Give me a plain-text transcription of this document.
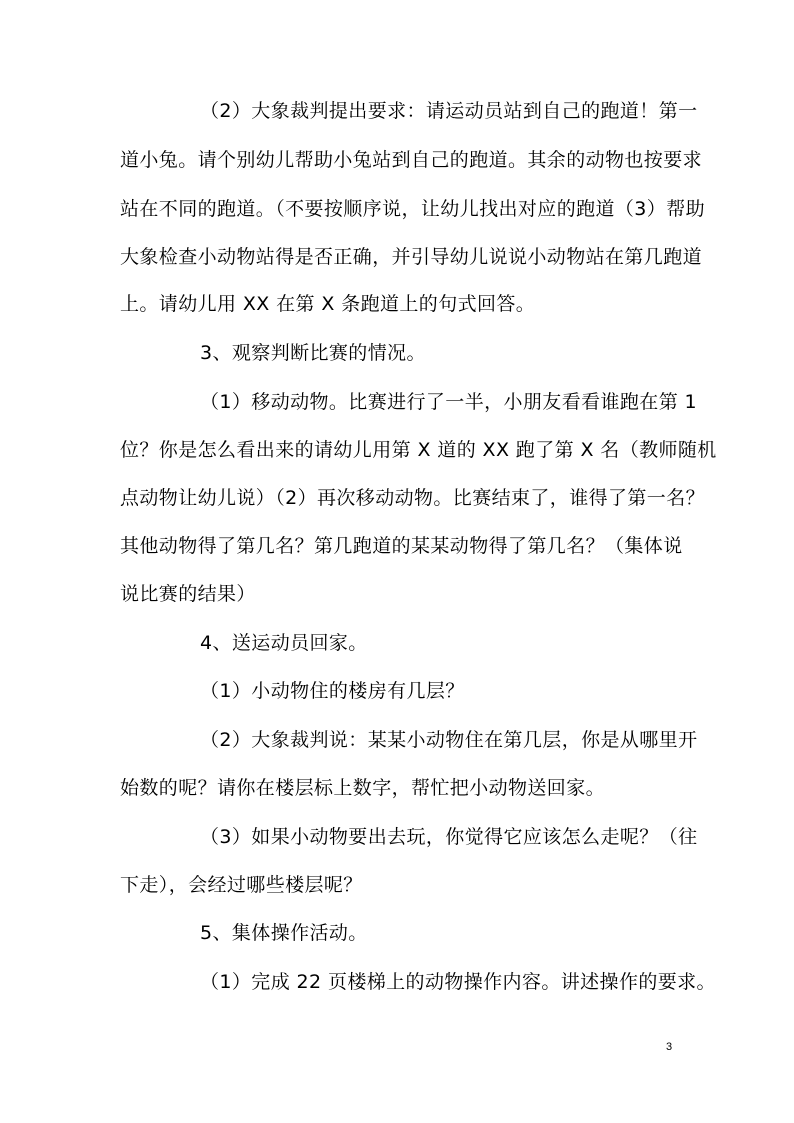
（2）大象裁判提出要求：请运动员站到自己的跑道！第一
道小兔。请个别幼儿帮助小兔站到自己的跑道。其余的动物也按要求
站在不同的跑道。（不要按顺序说，让幼儿找出对应的跑道（3）帮助
大象检查小动物站得是否正确，并引导幼儿说说小动物站在第几跑道
上。请幼儿用 XX 在第 X 条跑道上的句式回答。
3、观察判断比赛的情况。
（1）移动动物。比赛进行了一半，小朋友看看谁跑在第 1
位？你是怎么看出来的请幼儿用第 X 道的 XX 跑了第 X 名（教师随机
点动物让幼儿说）（2）再次移动动物。比赛结束了，谁得了第一名？
其他动物得了第几名？第几跑道的某某动物得了第几名？（集体说
说比赛的结果）
4、送运动员回家。
（1）小动物住的楼房有几层？
（2）大象裁判说：某某小动物住在第几层，你是从哪里开
始数的呢？请你在楼层标上数字，帮忙把小动物送回家。
（3）如果小动物要出去玩，你觉得它应该怎么走呢？（往
下走），会经过哪些楼层呢？
5、集体操作活动。
（1）完成 22 页楼梯上的动物操作内容。讲述操作的要求。
3
